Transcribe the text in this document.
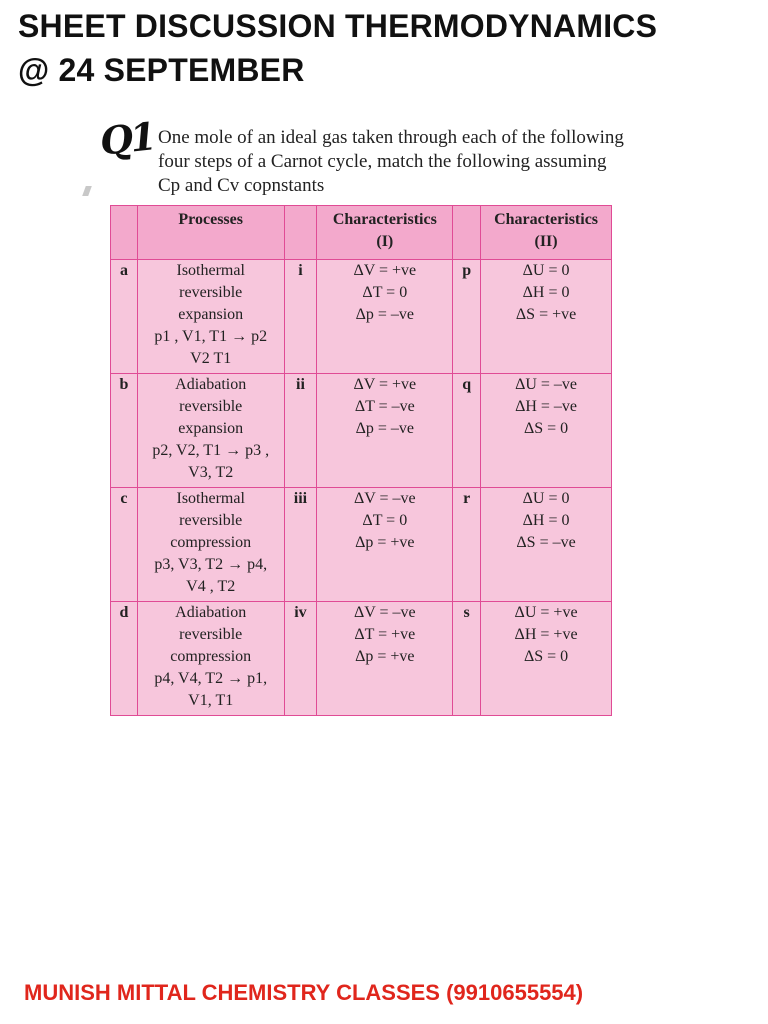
SHEET DISCUSSION THERMODYNAMICS
@ 24 SEPTEMBER
Q1 One mole of an ideal gas taken through each of the following
four steps of a Carnot cycle, match the following assuming
Cp and Cv copnstants
	Processes		Characteristics
(I)		Characteristics
(II)

a	Isothermal
reversible
expansion
p1 , V1, T1 → p2
V2 T1	i	ΔV = +ve
ΔT = 0
Δp = –ve	p	ΔU = 0
ΔH = 0
ΔS = +ve

b	Adiabation
reversible
expansion
p2, V2, T1 → p3 ,
V3, T2	ii	ΔV = +ve
ΔT = –ve
Δp = –ve	q	ΔU = –ve
ΔH = –ve
ΔS = 0

c	Isothermal
reversible
compression
p3, V3, T2 → p4,
V4 , T2	iii	ΔV = –ve
ΔT = 0
Δp = +ve	r	ΔU = 0
ΔH = 0
ΔS = –ve

d	Adiabation
reversible
compression
p4, V4, T2 → p1,
V1, T1	iv	ΔV = –ve
ΔT = +ve
Δp = +ve	s	ΔU = +ve
ΔH = +ve
ΔS = 0
MUNISH MITTAL CHEMISTRY CLASSES (9910655554)
